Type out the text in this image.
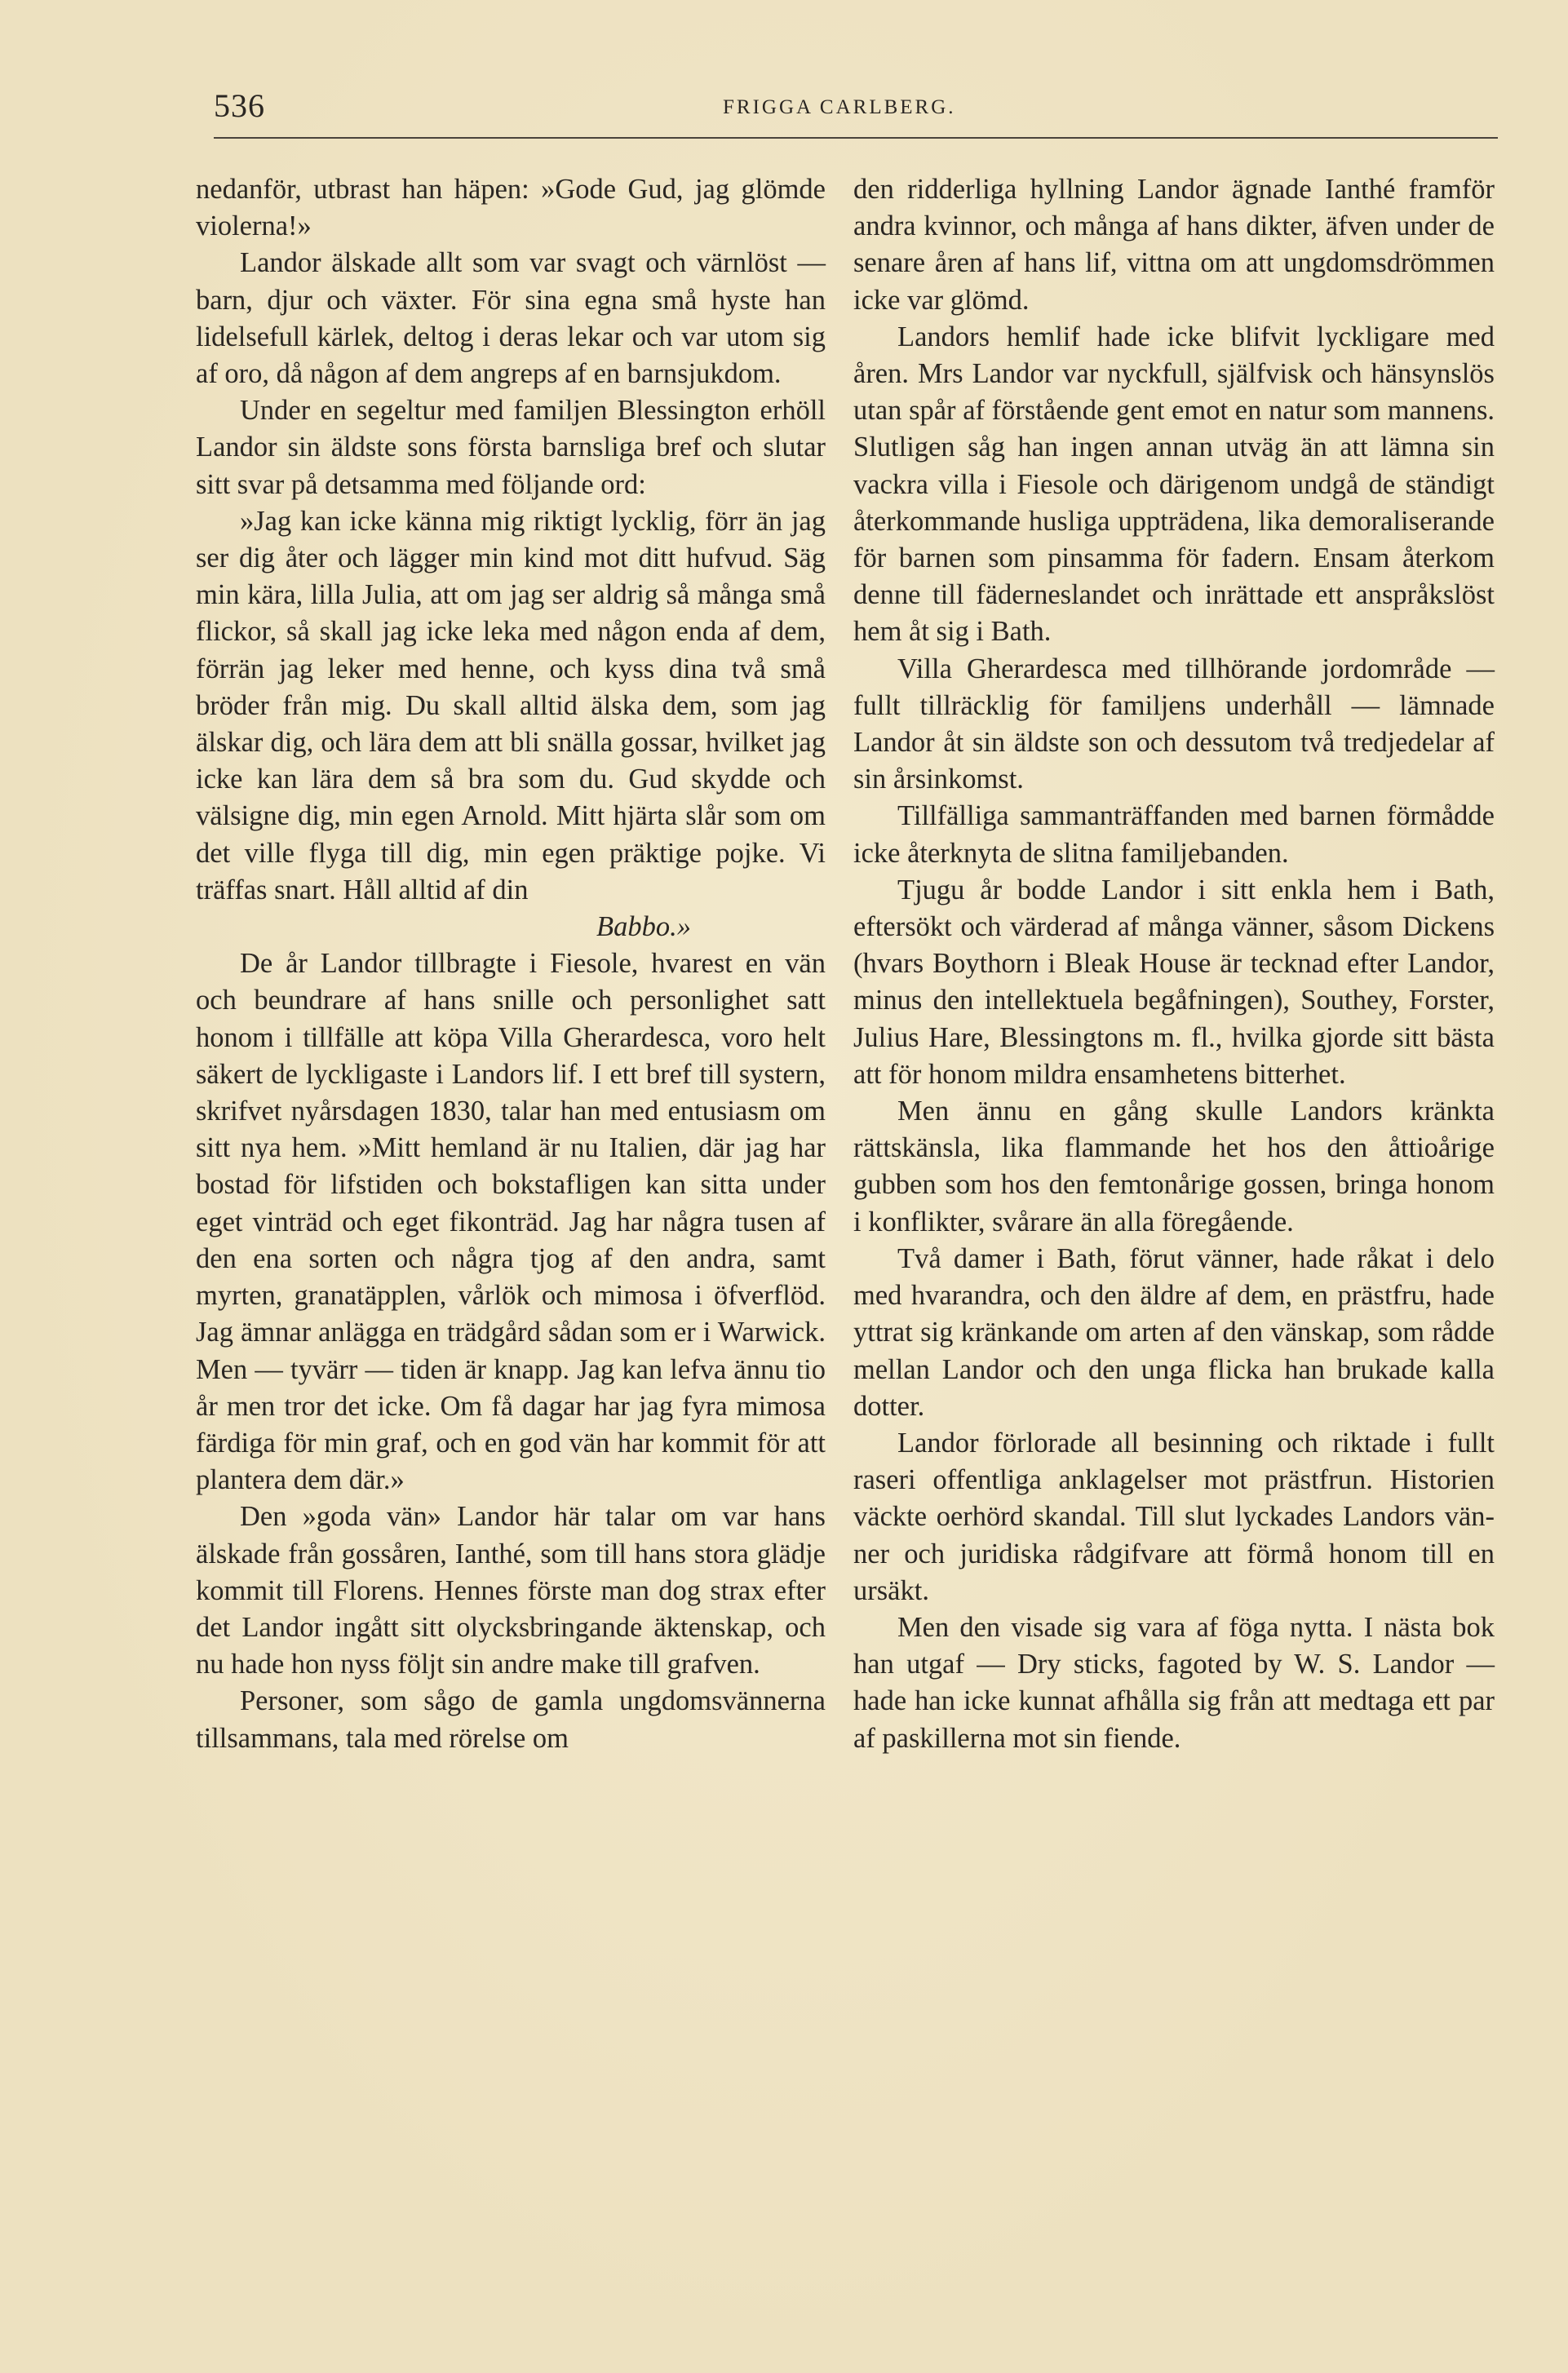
536	FRIGGA CARLBERG.

nedanför, utbrast han häpen: »Gode Gud, jag glömde violerna!»

Landor älskade allt som var svagt och värnlöst — barn, djur och växter. För sina egna små hyste han lidelsefull kärlek, deltog i deras lekar och var utom sig af oro, då någon af dem angreps af en barnsjukdom.

Under en segeltur med familjen Blessington erhöll Landor sin äldste sons första barnsliga bref och slutar sitt svar på detsamma med följande ord:

»Jag kan icke känna mig riktigt lycklig, förr än jag ser dig åter och lägger min kind mot ditt hufvud. Säg min kära, lilla Julia, att om jag ser aldrig så många små flickor, så skall jag icke leka med någon enda af dem, förrän jag leker med henne, och kyss dina två små bröder från mig. Du skall alltid älska dem, som jag älskar dig, och lära dem att bli snälla gossar, hvilket jag icke kan lära dem så bra som du. Gud skydde och välsigne dig, min egen Arnold. Mitt hjärta slår som om det ville flyga till dig, min egen präktige pojke. Vi träffas snart. Håll alltid af din

Babbo.»

De år Landor tillbragte i Fiesole, hvarest en vän och beundrare af hans snille och personlighet satt honom i tillfälle att köpa Villa Gherardesca, voro helt säkert de lyckligaste i Landors lif. I ett bref till systern, skrifvet nyårsdagen 1830, talar han med entusiasm om sitt nya hem. »Mitt hemland är nu Italien, där jag har bostad för lifstiden och bokstafligen kan sitta under eget vinträd och eget fikonträd. Jag har några tusen af den ena sorten och några tjog af den andra, samt myrten, granatäpplen, vårlök och mimosa i öfverflöd. Jag ämnar anlägga en trädgård sådan som er i Warwick. Men — tyvärr — tiden är knapp. Jag kan lefva ännu tio år men tror det icke. Om få dagar har jag fyra mimosa färdiga för min graf, och en god vän har kommit för att plantera dem där.»

Den »goda vän» Landor här talar om var hans älskade från gossåren, Ianthé, som till hans stora glädje kommit till Florens. Hennes förste man dog strax efter det Landor ingått sitt olycksbringande äktenskap, och nu hade hon nyss följt sin andre make till grafven.

Personer, som sågo de gamla ungdomsvännerna tillsammans, tala med rörelse om

den ridderliga hyllning Landor ägnade Ianthé framför andra kvinnor, och många af hans dikter, äfven under de senare åren af hans lif, vittna om att ungdomsdrömmen icke var glömd.

Landors hemlif hade icke blifvit lyckligare med åren. Mrs Landor var nyckfull, själfvisk och hänsynslös utan spår af förstående gent emot en natur som mannens. Slutligen såg han ingen annan utväg än att lämna sin vackra villa i Fiesole och därigenom undgå de ständigt återkommande husliga uppträdena, lika demoraliserande för barnen som pinsamma för fadern. Ensam återkom denne till fäderneslandet och inrättade ett anspråkslöst hem åt sig i Bath.

Villa Gherardesca med tillhörande jordområde — fullt tillräcklig för familjens underhåll — lämnade Landor åt sin äldste son och dessutom två tredjedelar af sin årsinkomst.

Tillfälliga sammanträffanden med barnen förmådde icke återknyta de slitna familjebanden.

Tjugu år bodde Landor i sitt enkla hem i Bath, eftersökt och värderad af många vänner, såsom Dickens (hvars Boythorn i Bleak House är tecknad efter Landor, minus den intellektuela begåfningen), Southey, Forster, Julius Hare, Blessingtons m. fl., hvilka gjorde sitt bästa att för honom mildra ensamhetens bitterhet.

Men ännu en gång skulle Landors kränkta rättskänsla, lika flammande het hos den åttioårige gubben som hos den femtonårige gossen, bringa honom i konflikter, svårare än alla föregående.

Två damer i Bath, förut vänner, hade råkat i delo med hvarandra, och den äldre af dem, en prästfru, hade yttrat sig kränkande om arten af den vänskap, som rådde mellan Landor och den unga flicka han brukade kalla dotter.

Landor förlorade all besinning och riktade i fullt raseri offentliga anklagelser mot prästfrun. Historien väckte oerhörd skandal. Till slut lyckades Landors vänner och juridiska rådgifvare att förmå honom till en ursäkt.

Men den visade sig vara af föga nytta. I nästa bok han utgaf — Dry sticks, fagoted by W. S. Landor — hade han icke kunnat afhålla sig från att medtaga ett par af paskillerna mot sin fiende.
